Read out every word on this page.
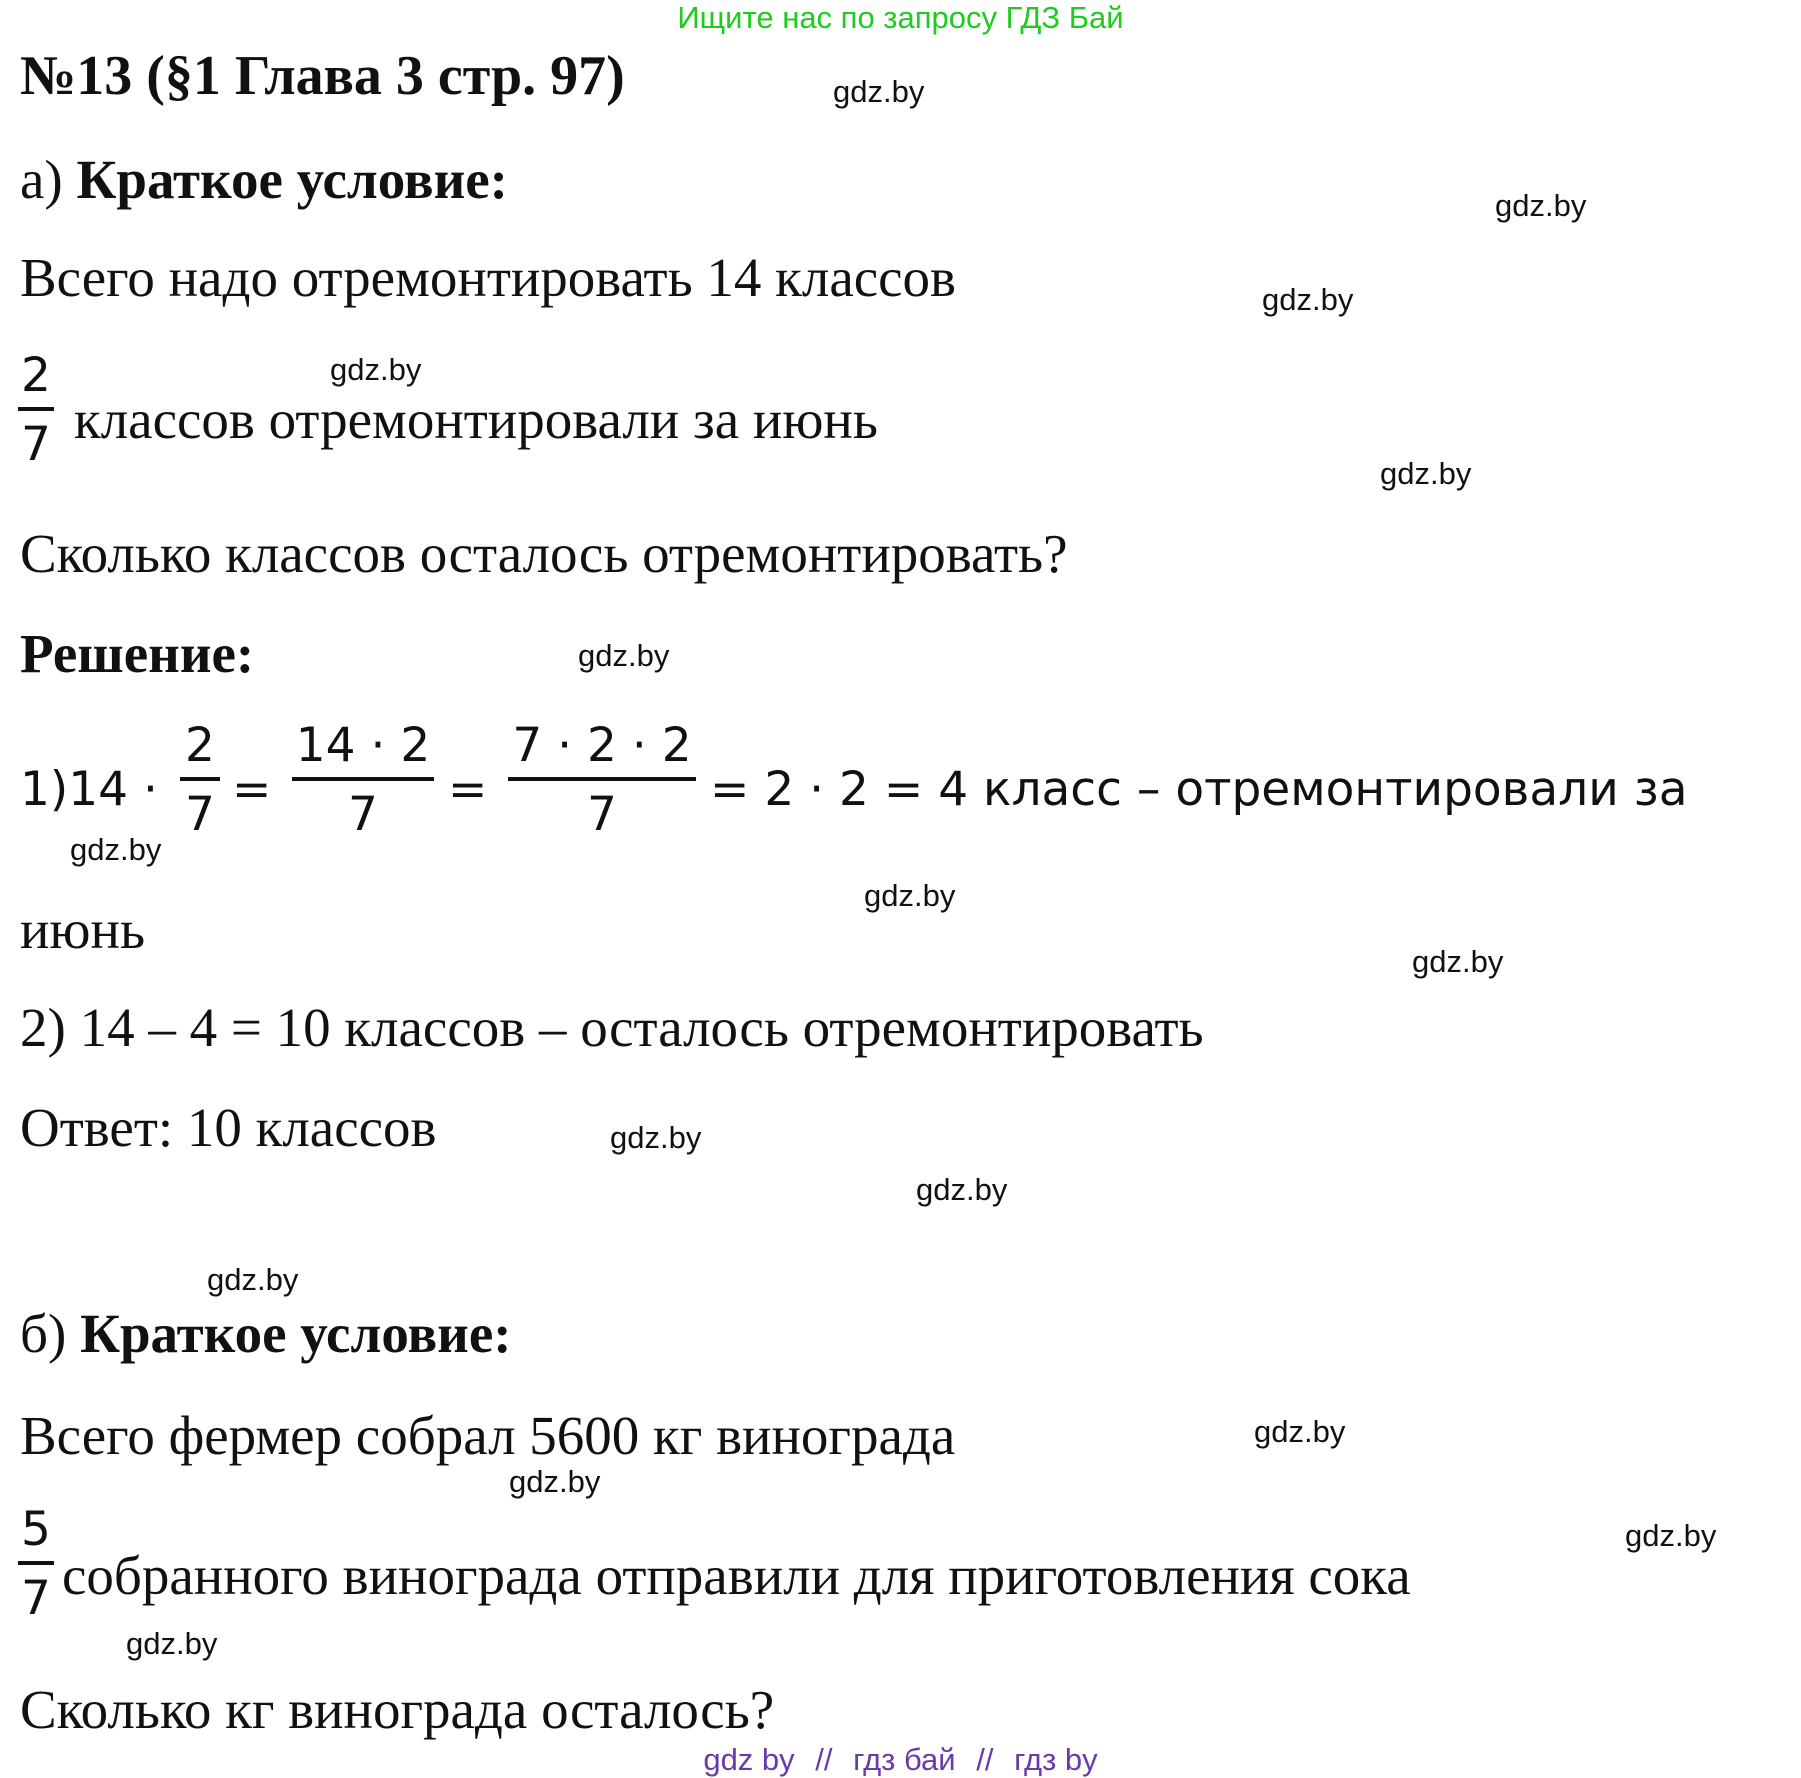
Ищите нас по запросу ГДЗ Бай
№13 (§1 Глава 3 стр. 97)
а) Краткое условие:
Всего надо отремонтировать 14 классов
2
7 классов отремонтировали за июнь
Сколько классов осталось отремонтировать?
Решение:
1)14 ·
2
7 =
14 · 2
7	=
7 · 2 · 2
7	= 2 · 2 = 4 класс – отремонтировали за
июнь
2) 14 – 4 = 10 классов – осталось отремонтировать
Ответ: 10 классов
б) Краткое условие:
Всего фермер собрал 5600 кг винограда
5
7 собранного винограда отправили для приготовления сока
Сколько кг винограда осталось?
gdz.by
gdz.by
gdz.by
gdz.by
gdz.by
gdz.by
gdz.by
gdz.by
gdz.by
gdz.by
gdz.by
gdz.by
gdz.by
gdz.by
gdz.by
gdz.by
gdz by // гдз бай // гдз by
